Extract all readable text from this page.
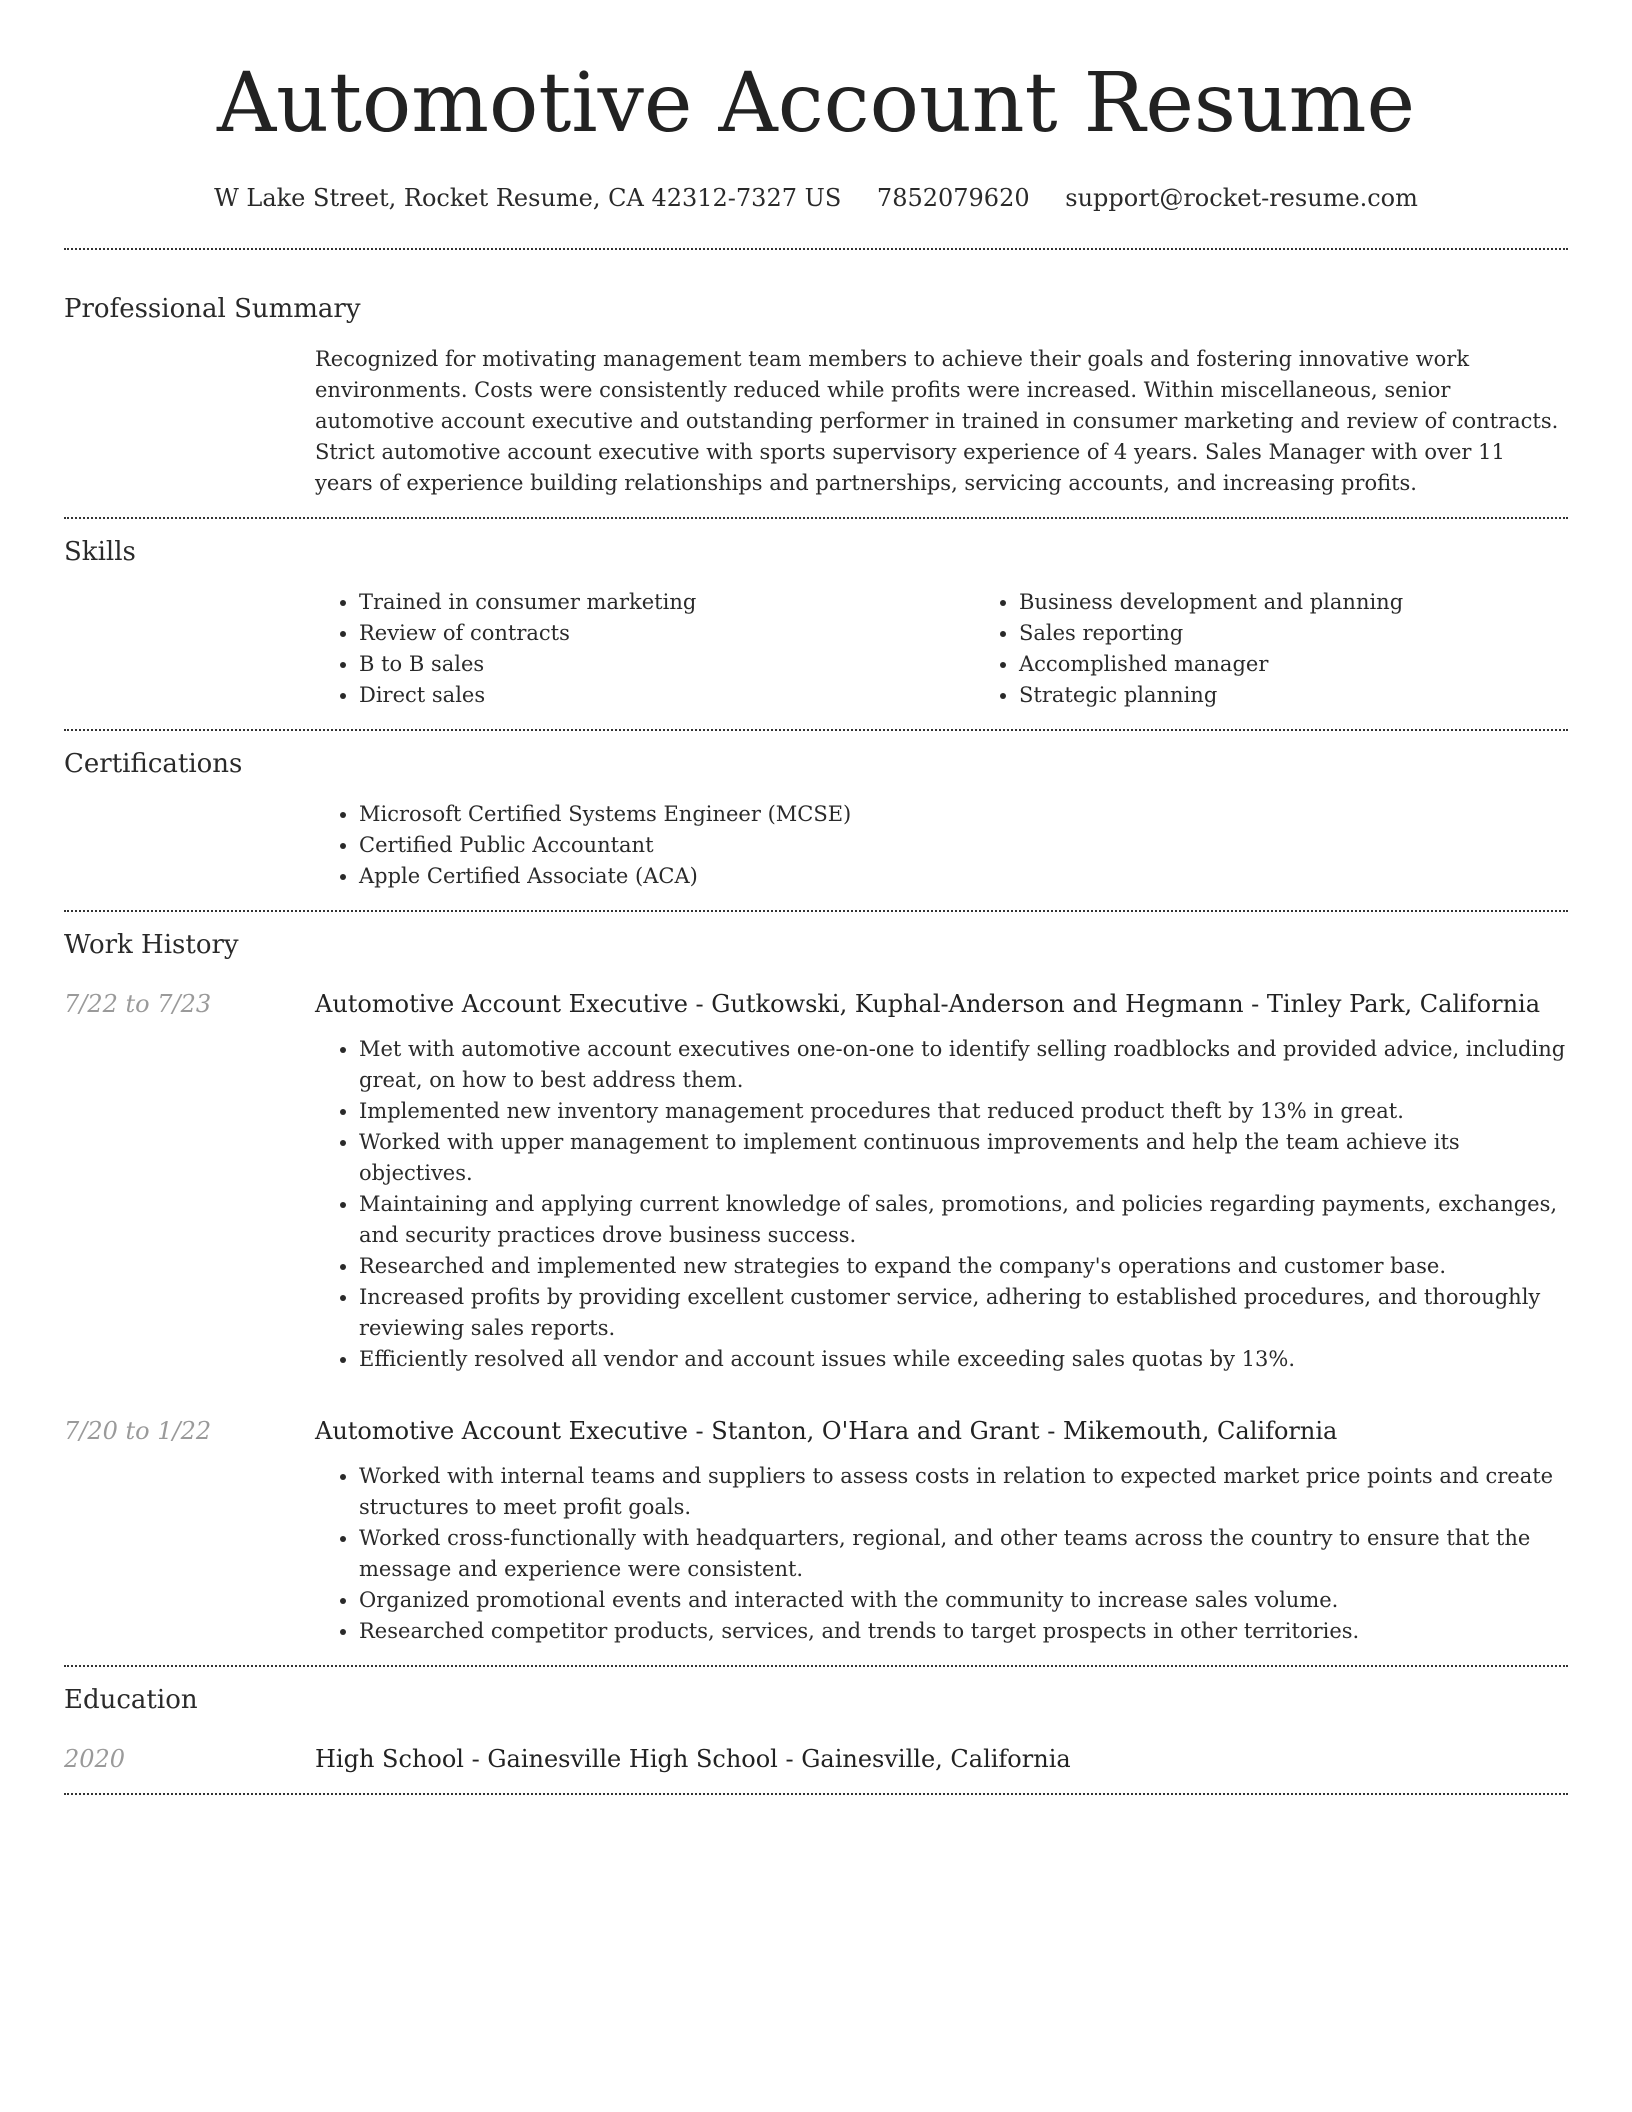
Automotive Account Resume
W Lake Street, Rocket Resume, CA 42312-7327 US 7852079620 support@rocket-resume.com
Professional Summary
Recognized for motivating management team members to achieve their goals and fostering innovative work environments. Costs were consistently reduced while profits were increased. Within miscellaneous, senior automotive account executive and outstanding performer in trained in consumer marketing and review of contracts. Strict automotive account executive with sports supervisory experience of 4 years. Sales Manager with over 11 years of experience building relationships and partnerships, servicing accounts, and increasing profits.
Skills
• Trained in consumer marketing
• Review of contracts
• B to B sales
• Direct sales
• Business development and planning
• Sales reporting
• Accomplished manager
• Strategic planning
Certifications
• Microsoft Certified Systems Engineer (MCSE)
• Certified Public Accountant
• Apple Certified Associate (ACA)
Work History
7/22 to 7/23	Automotive Account Executive - Gutkowski, Kuphal-Anderson and Hegmann - Tinley Park, California
• Met with automotive account executives one-on-one to identify selling roadblocks and provided advice, including great, on how to best address them.
• Implemented new inventory management procedures that reduced product theft by 13% in great.
• Worked with upper management to implement continuous improvements and help the team achieve its objectives.
• Maintaining and applying current knowledge of sales, promotions, and policies regarding payments, exchanges, and security practices drove business success.
• Researched and implemented new strategies to expand the company's operations and customer base.
• Increased profits by providing excellent customer service, adhering to established procedures, and thoroughly reviewing sales reports.
• Efficiently resolved all vendor and account issues while exceeding sales quotas by 13%.
7/20 to 1/22	Automotive Account Executive - Stanton, O'Hara and Grant - Mikemouth, California
• Worked with internal teams and suppliers to assess costs in relation to expected market price points and create structures to meet profit goals.
• Worked cross-functionally with headquarters, regional, and other teams across the country to ensure that the message and experience were consistent.
• Organized promotional events and interacted with the community to increase sales volume.
• Researched competitor products, services, and trends to target prospects in other territories.
Education
2020	High School - Gainesville High School - Gainesville, California
